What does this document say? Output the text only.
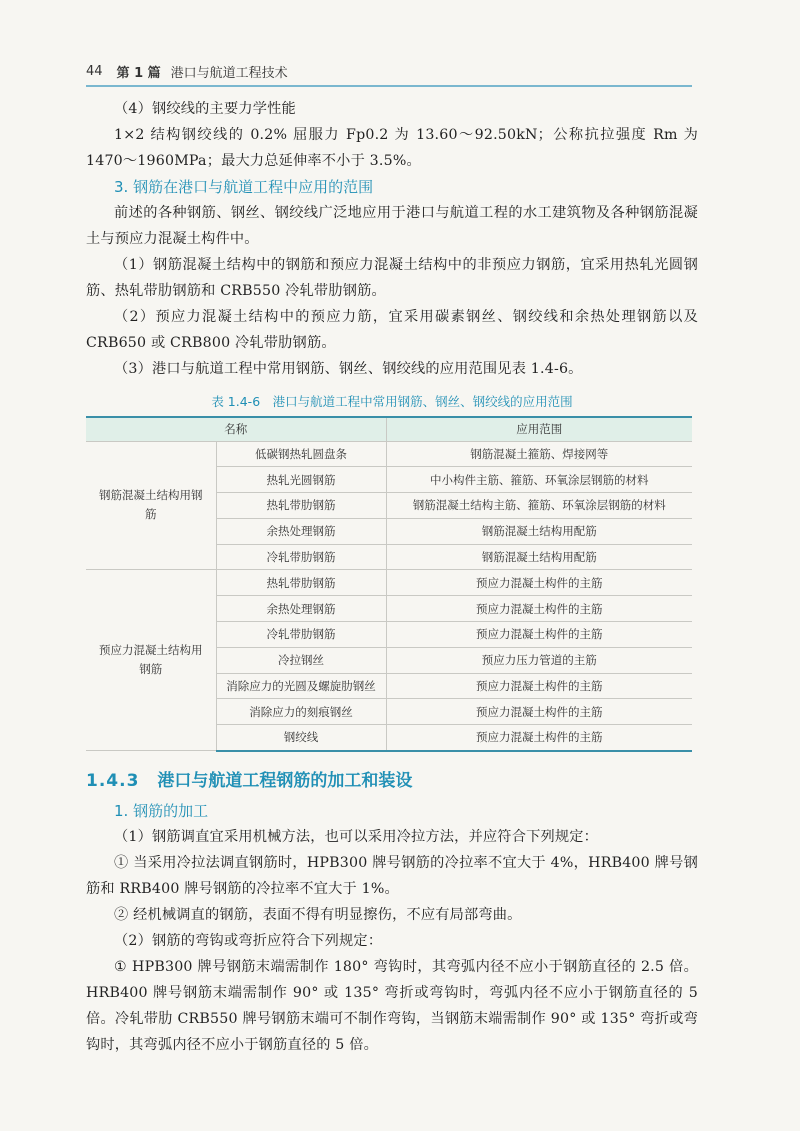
44 第 1 篇 港口与航道工程技术

（4）钢绞线的主要力学性能

1×2 结构钢绞线的 0.2% 屈服力 Fp0.2 为 13.60～92.50kN；公称抗拉强度 Rm 为 1470～1960MPa；最大力总延伸率不小于 3.5%。

3. 钢筋在港口与航道工程中应用的范围

前述的各种钢筋、钢丝、钢绞线广泛地应用于港口与航道工程的水工建筑物及各种钢筋混凝土与预应力混凝土构件中。

（1）钢筋混凝土结构中的钢筋和预应力混凝土结构中的非预应力钢筋，宜采用热轧光圆钢筋、热轧带肋钢筋和 CRB550 冷轧带肋钢筋。

（2）预应力混凝土结构中的预应力筋，宜采用碳素钢丝、钢绞线和余热处理钢筋以及 CRB650 或 CRB800 冷轧带肋钢筋。

（3）港口与航道工程中常用钢筋、钢丝、钢绞线的应用范围见表 1.4-6。

表 1.4-6　港口与航道工程中常用钢筋、钢丝、钢绞线的应用范围
名称		应用范围
钢筋混凝土结构用钢筋	低碳钢热轧圆盘条	钢筋混凝土箍筋、焊接网等
	热轧光圆钢筋	中小构件主筋、箍筋、环氧涂层钢筋的材料
	热轧带肋钢筋	钢筋混凝土结构主筋、箍筋、环氧涂层钢筋的材料
	余热处理钢筋	钢筋混凝土结构用配筋
	冷轧带肋钢筋	钢筋混凝土结构用配筋
预应力混凝土结构用钢筋	热轧带肋钢筋	预应力混凝土构件的主筋
	余热处理钢筋	预应力混凝土构件的主筋
	冷轧带肋钢筋	预应力混凝土构件的主筋
	冷拉钢丝	预应力压力管道的主筋
	消除应力的光圆及螺旋肋钢丝	预应力混凝土构件的主筋
	消除应力的刻痕钢丝	预应力混凝土构件的主筋
	钢绞线	预应力混凝土构件的主筋
1.4.3 港口与航道工程钢筋的加工和装设
1. 钢筋的加工

（1）钢筋调直宜采用机械方法，也可以采用冷拉方法，并应符合下列规定：

① 当采用冷拉法调直钢筋时，HPB300 牌号钢筋的冷拉率不宜大于 4%，HRB400 牌号钢筋和 RRB400 牌号钢筋的冷拉率不宜大于 1%。

② 经机械调直的钢筋，表面不得有明显擦伤，不应有局部弯曲。

（2）钢筋的弯钩或弯折应符合下列规定：

① HPB300 牌号钢筋末端需制作 180° 弯钩时，其弯弧内径不应小于钢筋直径的 2.5 倍。HRB400 牌号钢筋末端需制作 90° 或 135° 弯折或弯钩时，弯弧内径不应小于钢筋直径的 5 倍。冷轧带肋 CRB550 牌号钢筋末端可不制作弯钩，当钢筋末端需制作 90° 或 135° 弯折或弯钩时，其弯弧内径不应小于钢筋直径的 5 倍。
